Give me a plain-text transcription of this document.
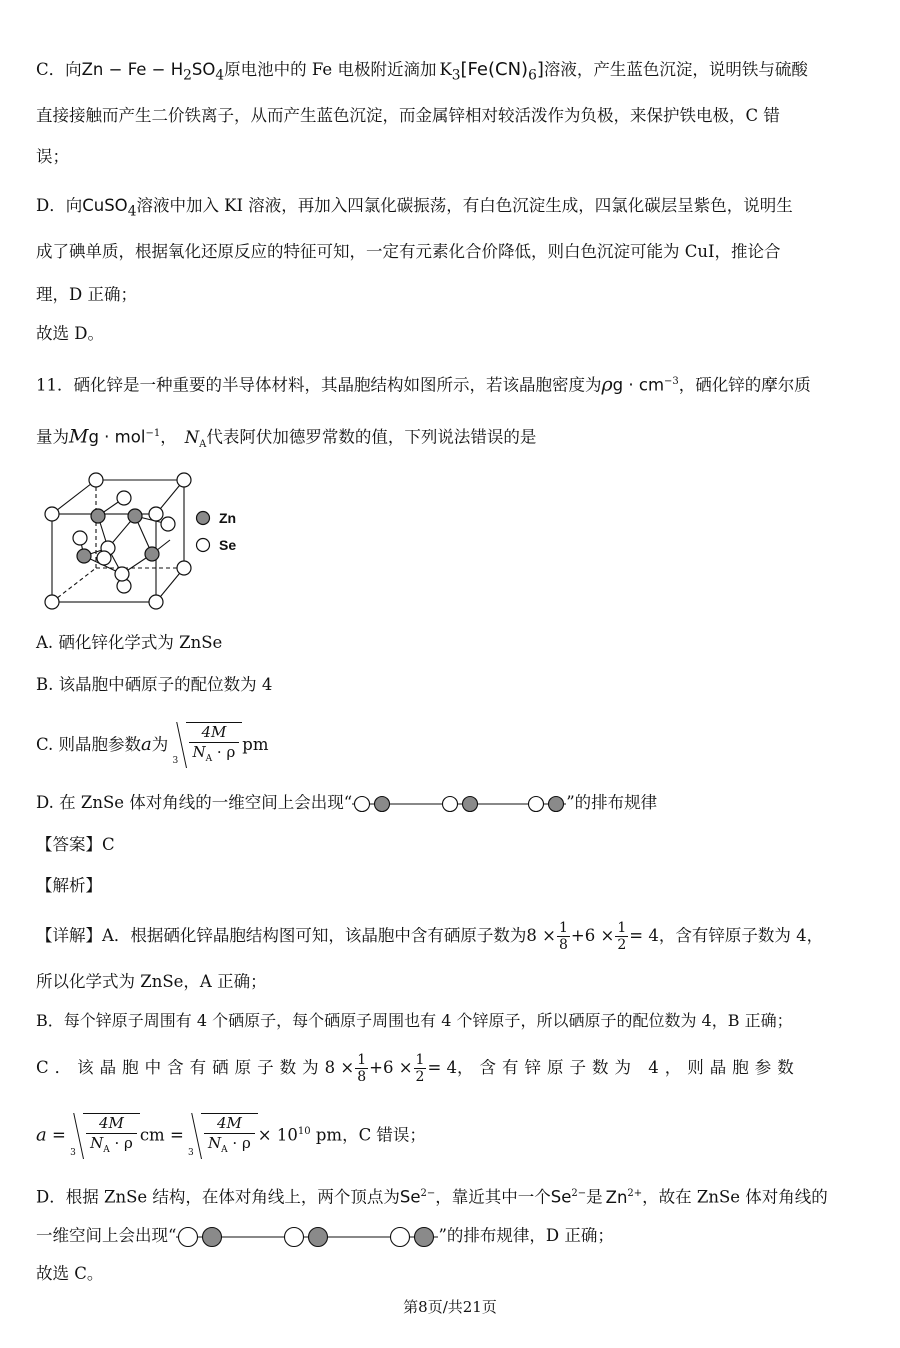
C．向$Zn - Fe - H_2SO_4$原电池中的 Fe 电极附近滴加 $K_3[Fe(CN)_6]$溶液，产生蓝色沉淀，说明铁与硫酸
直接接触而产生二价铁离子，从而产生蓝色沉淀，而金属锌相对较活泼作为负极，来保护铁电极，C 错
误；
D．向CuSO$_4$溶液中加入 KI 溶液，再加入四氯化碳振荡，有白色沉淀生成，四氯化碳层呈紫色，说明生
成了碘单质，根据氧化还原反应的特征可知，一定有元素化合价降低，则白色沉淀可能为 CuI，推论合
理，D 正确；
故选 D。
11．硒化锌是一种重要的半导体材料，其晶胞结构如图所示，若该晶胞密度为$\rho g \cdot cm^{-3}$，硒化锌的摩尔质
量为Mg · mol$^{-1}$， $N_A$代表阿伏加德罗常数的值，下列说法错误的是
Zn
Se
A. 硒化锌化学式为 ZnSe
B. 该晶胞中硒原子的配位数为 4
C. 则晶胞参数a为
$3 \frac{4M}{N_A \cdot \rho}$ pm
D. 在 ZnSe 体对角线的一维空间上会出现“	”的排布规律
【答案】C
【解析】
【详解】A．根据硒化锌晶胞结构图可知，该晶胞中含有硒原子数为$8 \times \frac{1}{8} +6 \times \frac{1}{2} = 4$，含有锌原子数为 4，
所以化学式为 ZnSe，A 正确；
B．每个锌原子周围有 4 个硒原子，每个硒原子周围也有 4 个锌原子，所以硒原子的配位数为 4，B 正确；
C．该晶胞中含有硒原子数为$8 \times \frac{1}{8} +6 \times \frac{1}{2} = 4$，含有锌原子数为 4，则晶胞参数
a =
$3 \frac{4M}{N_A \cdot \rho}$ cm =
$3 \frac{4M}{N_A \cdot \rho} \times 10^{10}$ pm，C 错误；
D．根据 ZnSe 结构，在体对角线上，两个顶点为$Se^{2-}$，靠近其中一个$Se^{2-}$是 $Zn^{2+}$，故在 ZnSe 体对角线的
一维空间上会出现“	”的排布规律，D 正确；
故选 C。
第8页/共21页
